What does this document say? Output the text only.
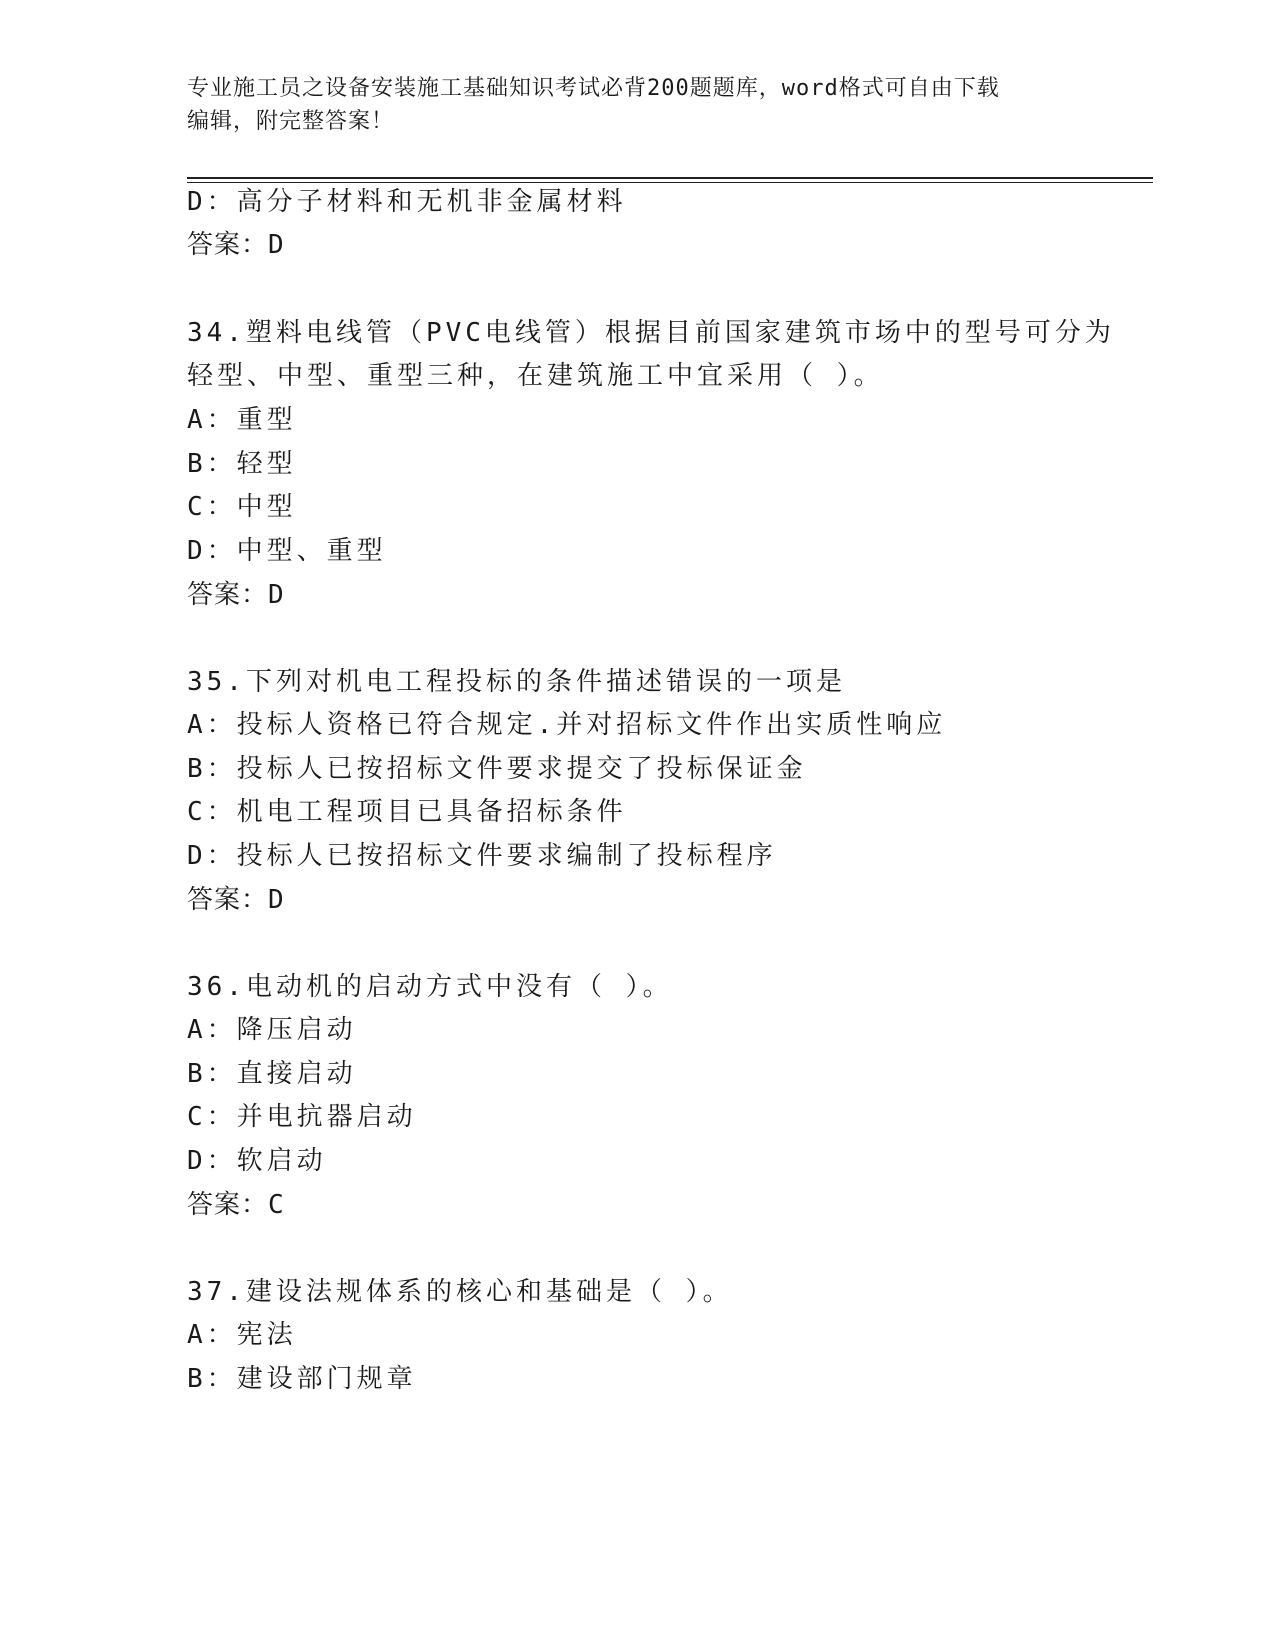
专业施工员之设备安装施工基础知识考试必背200题题库，word格式可自由下载
编辑，附完整答案！
D：高分子材料和无机非金属材料
答案：D
34.塑料电线管（PVC电线管）根据目前国家建筑市场中的型号可分为
轻型、中型、重型三种，在建筑施工中宜采用（ ）。
A：重型
B：轻型
C：中型
D：中型、重型
答案：D
35.下列对机电工程投标的条件描述错误的一项是
A：投标人资格已符合规定.并对招标文件作出实质性响应
B：投标人已按招标文件要求提交了投标保证金
C：机电工程项目已具备招标条件
D：投标人已按招标文件要求编制了投标程序
答案：D
36.电动机的启动方式中没有（ ）。
A：降压启动
B：直接启动
C：并电抗器启动
D：软启动
答案：C
37.建设法规体系的核心和基础是（ ）。
A：宪法
B：建设部门规章
